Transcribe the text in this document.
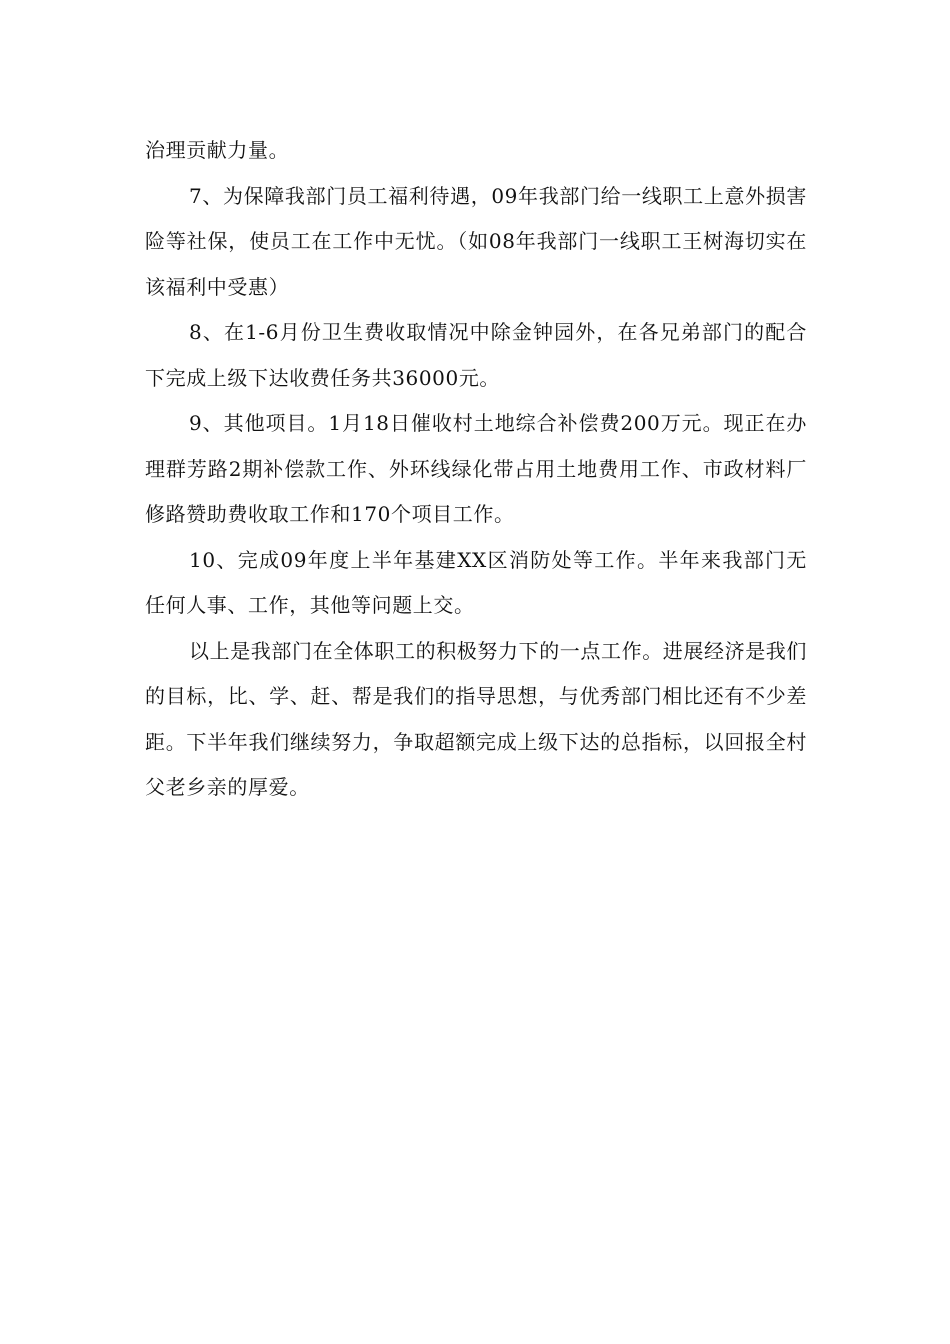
治理贡献力量。

7、为保障我部门员工福利待遇，09年我部门给一线职工上意外损害险等社保，使员工在工作中无忧。（如08年我部门一线职工王树海切实在该福利中受惠）

8、在1-6月份卫生费收取情况中除金钟园外，在各兄弟部门的配合下完成上级下达收费任务共36000元。

9、其他项目。1月18日催收村土地综合补偿费200万元。现正在办理群芳路2期补偿款工作、外环线绿化带占用土地费用工作、市政材料厂修路赞助费收取工作和170个项目工作。

10、完成09年度上半年基建XX区消防处等工作。半年来我部门无任何人事、工作，其他等问题上交。

以上是我部门在全体职工的积极努力下的一点工作。进展经济是我们的目标，比、学、赶、帮是我们的指导思想，与优秀部门相比还有不少差距。下半年我们继续努力，争取超额完成上级下达的总指标，以回报全村父老乡亲的厚爱。
